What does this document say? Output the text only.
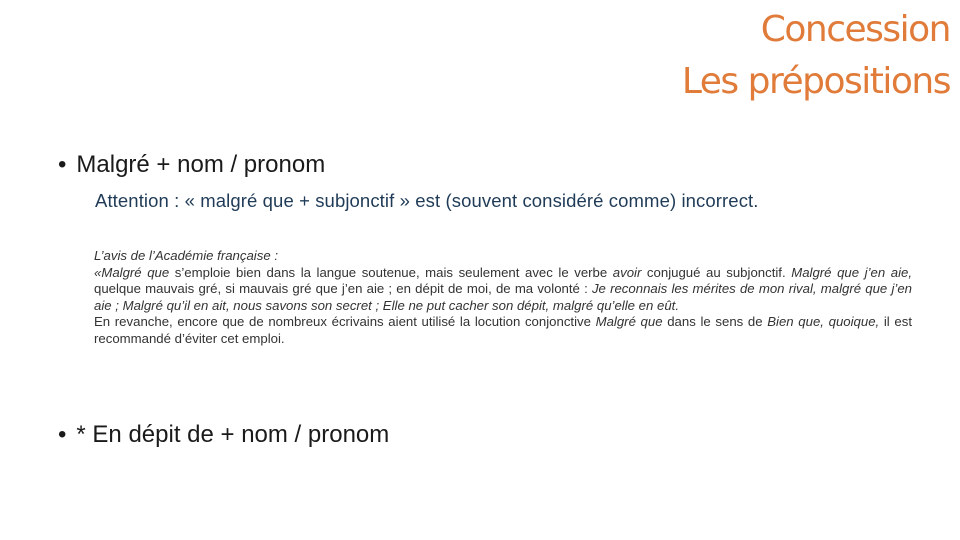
Concession
Les prépositions
• Malgré + nom / pronom
Attention : « malgré que + subjonctif » est (souvent considéré comme) incorrect.

L’avis de l’Académie française :

«Malgré que s’emploie bien dans la langue soutenue, mais seulement avec le verbe avoir conjugué au subjonctif. Malgré que j’en aie, quelque mauvais gré, si mauvais gré que j’en aie ; en dépit de moi, de ma volonté : Je reconnais les mérites de mon rival, malgré que j’en aie ; Malgré qu’il en ait, nous savons son secret ; Elle ne put cacher son dépit, malgré qu’elle en eût.

En revanche, encore que de nombreux écrivains aient utilisé la locution conjonctive Malgré que dans le sens de Bien que, quoique, il est recommandé d’éviter cet emploi.

• * En dépit de + nom / pronom
